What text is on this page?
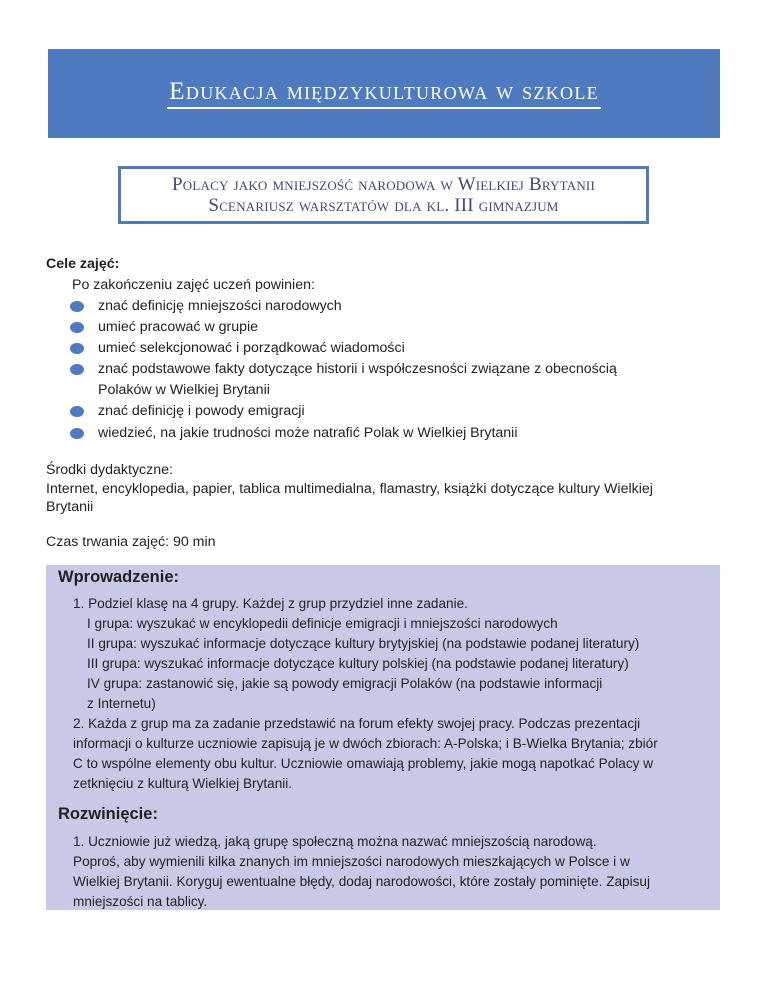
Edukacja międzykulturowa w szkole
Polacy jako mniejszość narodowa w Wielkiej Brytanii
Scenariusz warsztatów dla kl. III gimnazjum
Cele zajęć:
Po zakończeniu zajęć uczeń powinien:
znać definicję mniejszości narodowych
umieć pracować w grupie
umieć selekcjonować i porządkować wiadomości
znać podstawowe fakty dotyczące historii i współczesności związane z obecnością
Polaków w Wielkiej Brytanii
znać definicję i powody emigracji
wiedzieć, na jakie trudności może natrafić Polak w Wielkiej Brytanii
Środki dydaktyczne:
Internet, encyklopedia, papier, tablica multimedialna, flamastry, książki dotyczące kultury Wielkiej
Brytanii
Czas trwania zajęć: 90 min
Wprowadzenie:
1. Podziel klasę na 4 grupy. Każdej z grup przydziel inne zadanie.
I grupa: wyszukać w encyklopedii definicje emigracji i mniejszości narodowych
II grupa: wyszukać informacje dotyczące kultury brytyjskiej (na podstawie podanej literatury)
III grupa: wyszukać informacje dotyczące kultury polskiej (na podstawie podanej literatury)
IV grupa: zastanowić się, jakie są powody emigracji Polaków (na podstawie informacji
z Internetu)
2. Każda z grup ma za zadanie przedstawić na forum efekty swojej pracy. Podczas prezentacji
informacji o kulturze uczniowie zapisują je w dwóch zbiorach: A-Polska; i B-Wielka Brytania; zbiór
C to wspólne elementy obu kultur. Uczniowie omawiają problemy, jakie mogą napotkać Polacy w
zetknięciu z kulturą Wielkiej Brytanii.
Rozwinięcie:
1. Uczniowie już wiedzą, jaką grupę społeczną można nazwać mniejszością narodową.
Poproś, aby wymienili kilka znanych im mniejszości narodowych mieszkających w Polsce i w
Wielkiej Brytanii. Koryguj ewentualne błędy, dodaj narodowości, które zostały pominięte. Zapisuj
mniejszości na tablicy.
